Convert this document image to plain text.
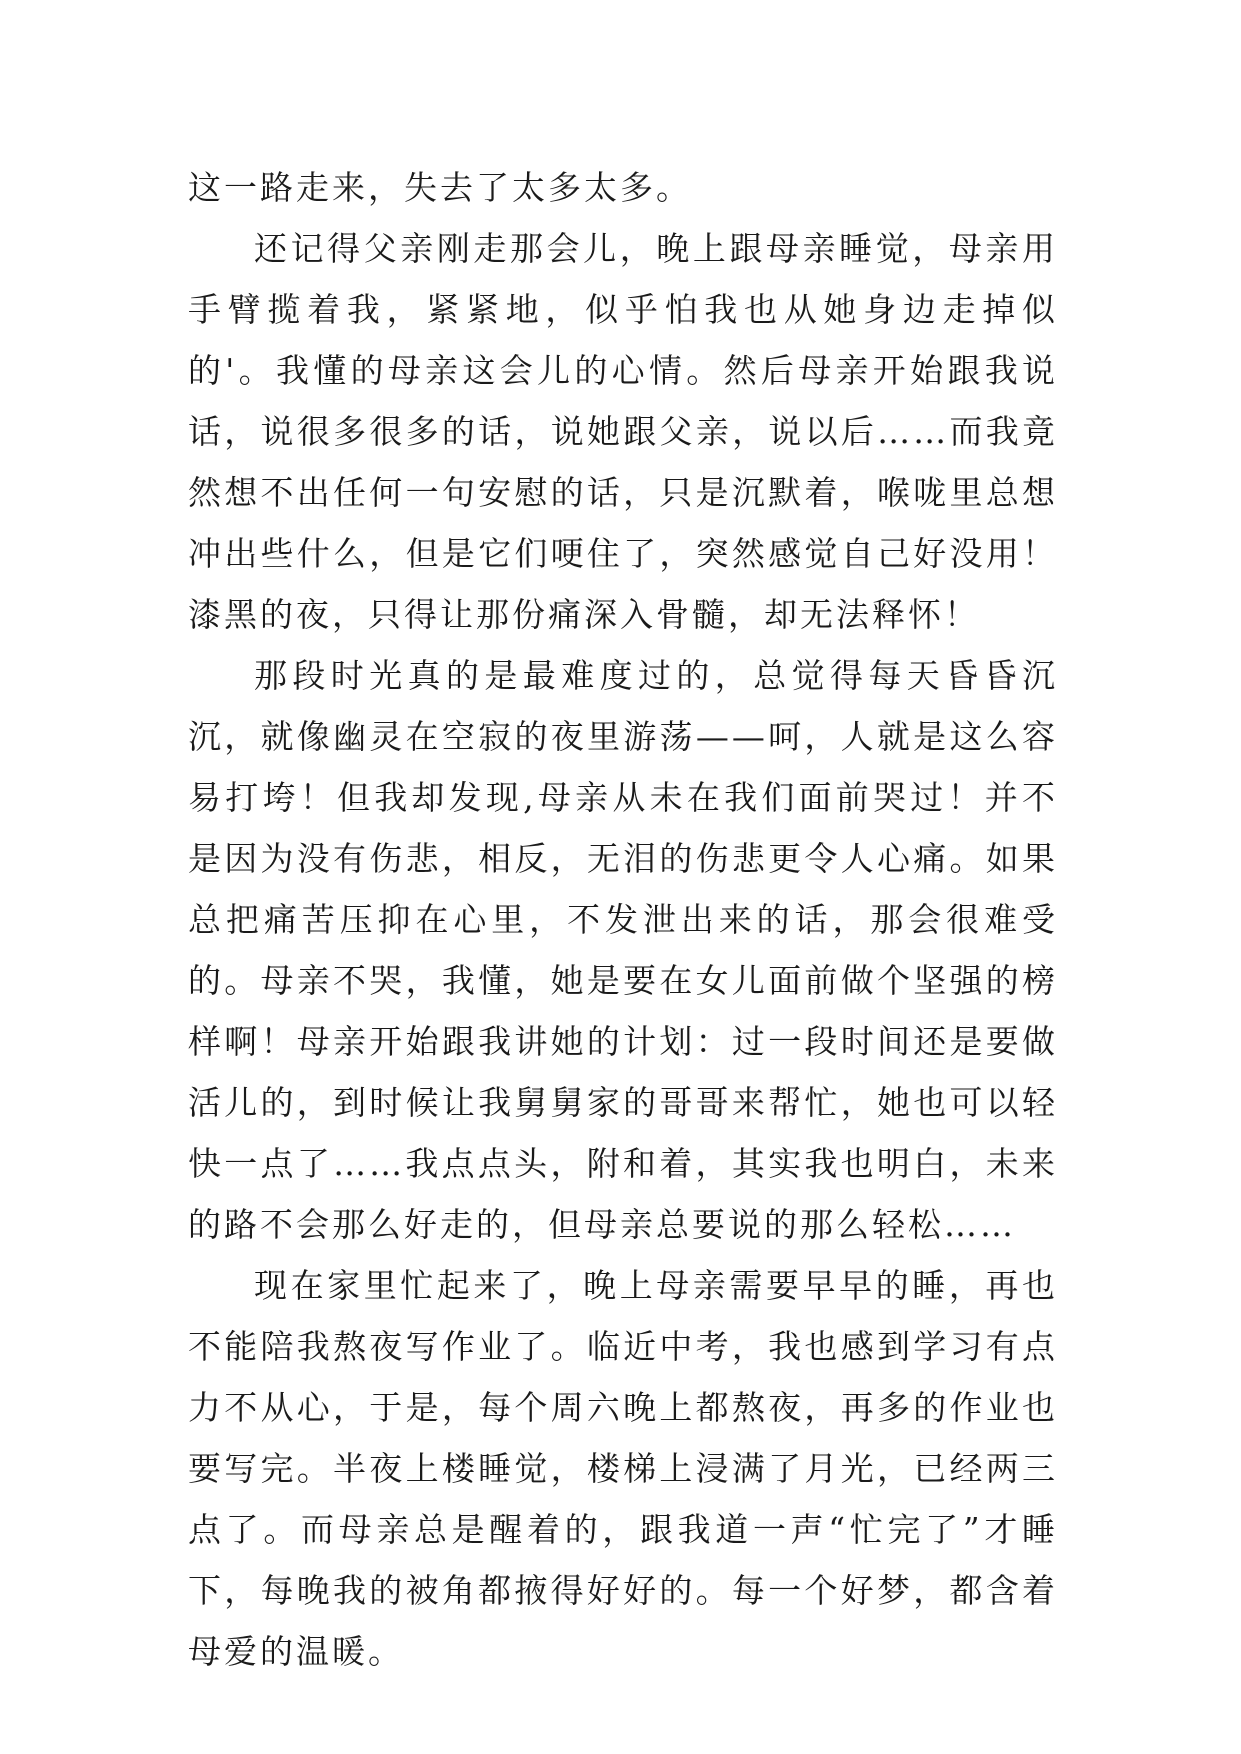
这一路走来，失去了太多太多。

还记得父亲刚走那会儿，晚上跟母亲睡觉，母亲用手臂揽着我，紧紧地，似乎怕我也从她身边走掉似的'。我懂的母亲这会儿的心情。然后母亲开始跟我说话，说很多很多的话，说她跟父亲，说以后……而我竟然想不出任何一句安慰的话，只是沉默着，喉咙里总想冲出些什么，但是它们哽住了，突然感觉自己好没用！漆黑的夜，只得让那份痛深入骨髓，却无法释怀！

那段时光真的是最难度过的，总觉得每天昏昏沉沉，就像幽灵在空寂的夜里游荡——呵，人就是这么容易打垮！但我却发现,母亲从未在我们面前哭过！并不是因为没有伤悲，相反，无泪的伤悲更令人心痛。如果总把痛苦压抑在心里，不发泄出来的话，那会很难受的。母亲不哭，我懂，她是要在女儿面前做个坚强的榜样啊！母亲开始跟我讲她的计划：过一段时间还是要做活儿的，到时候让我舅舅家的哥哥来帮忙，她也可以轻快一点了……我点点头，附和着，其实我也明白，未来的路不会那么好走的，但母亲总要说的那么轻松……

现在家里忙起来了，晚上母亲需要早早的睡，再也不能陪我熬夜写作业了。临近中考，我也感到学习有点力不从心，于是，每个周六晚上都熬夜，再多的作业也要写完。半夜上楼睡觉，楼梯上浸满了月光，已经两三点了。而母亲总是醒着的，跟我道一声“忙完了”才睡下，每晚我的被角都掖得好好的。每一个好梦，都含着母爱的温暖。
